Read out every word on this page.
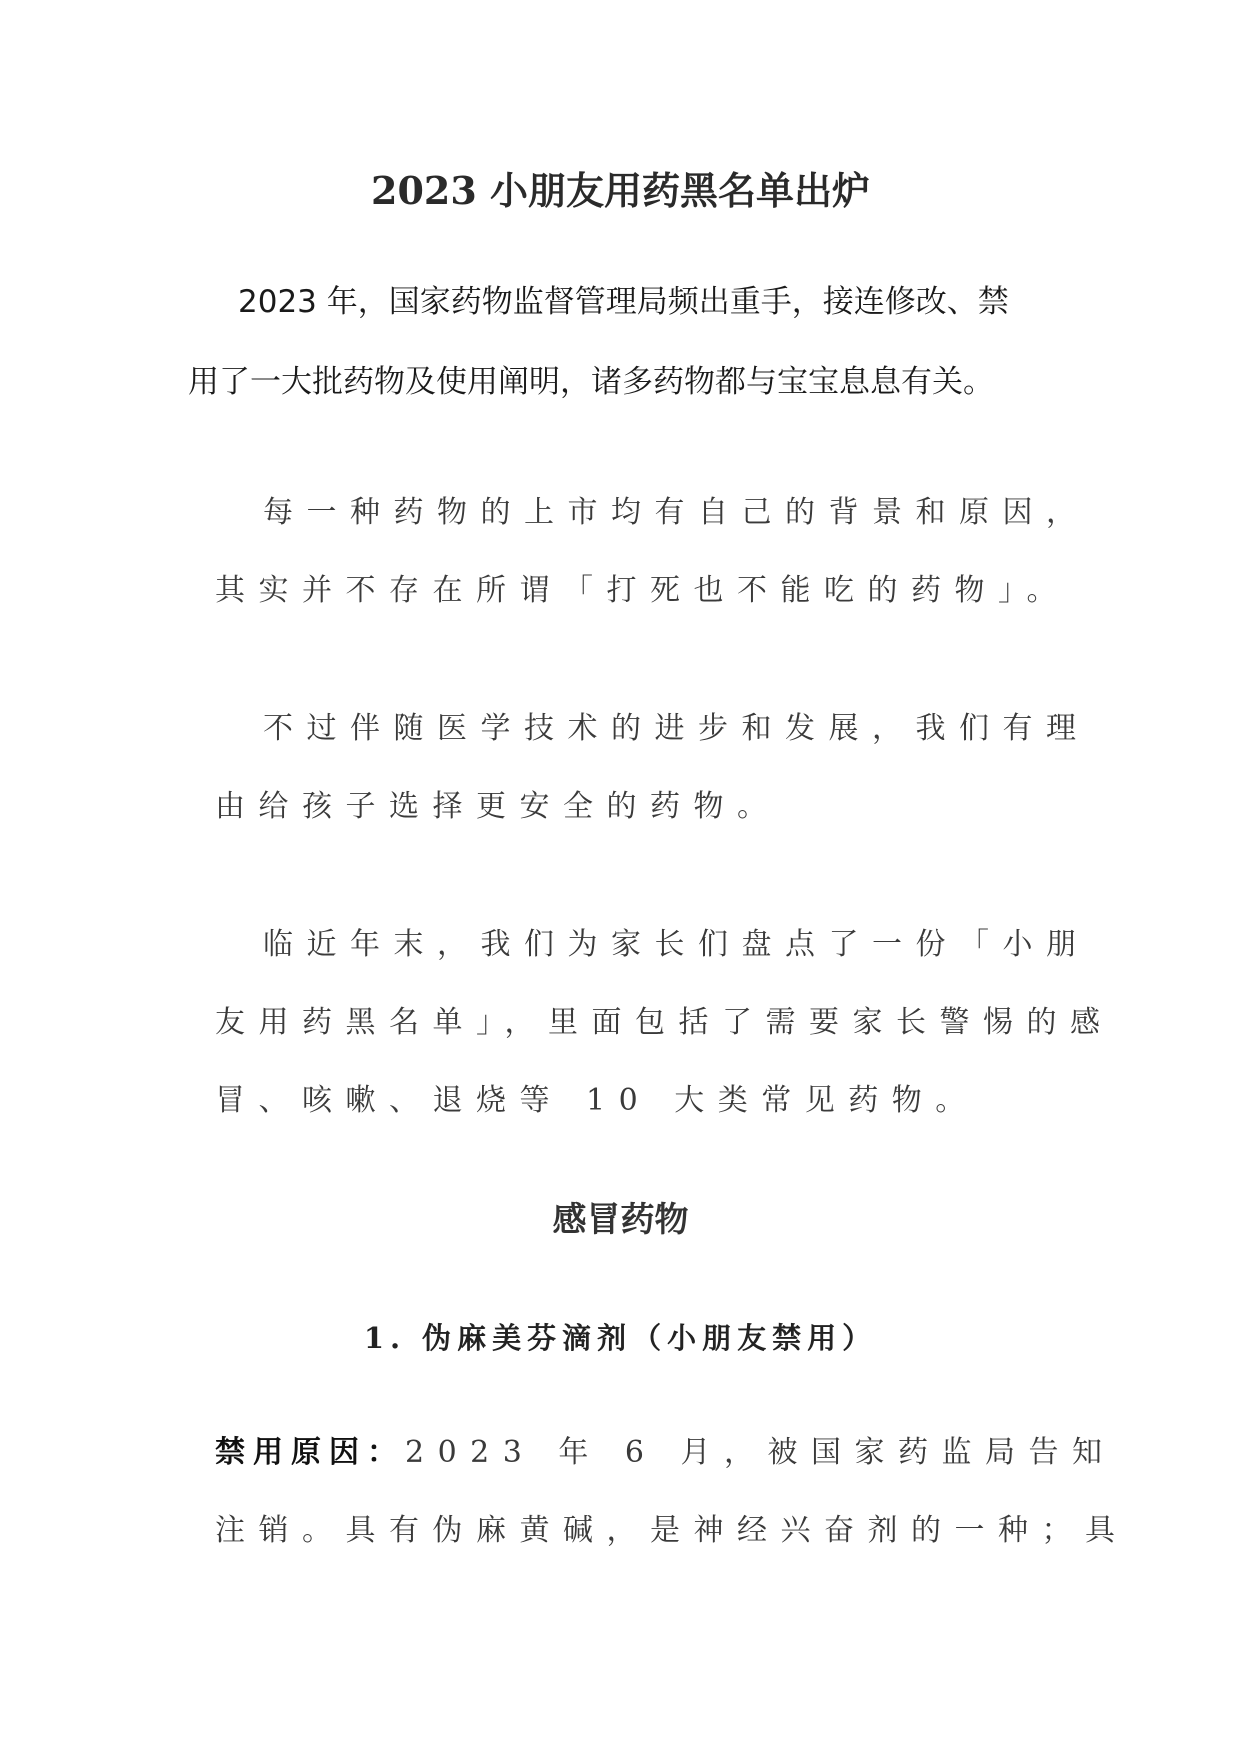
2023 小朋友用药黑名单出炉
2023 年，国家药物监督管理局频出重手，接连修改、禁
用了一大批药物及使用阐明，诸多药物都与宝宝息息有关。
每一种药物的上市均有自己的背景和原因，
其实并不存在所谓「打死也不能吃的药物」。
不过伴随医学技术的进步和发展，我们有理
由给孩子选择更安全的药物。
临近年末，我们为家长们盘点了一份「小朋
友用药黑名单」，里面包括了需要家长警惕的感
冒、咳嗽、退烧等 10 大类常见药物。
感冒药物
1. 伪麻美芬滴剂（小朋友禁用）
禁用原因：2023 年 6 月，被国家药监局告知
注销。具有伪麻黄碱，是神经兴奋剂的一种；具
